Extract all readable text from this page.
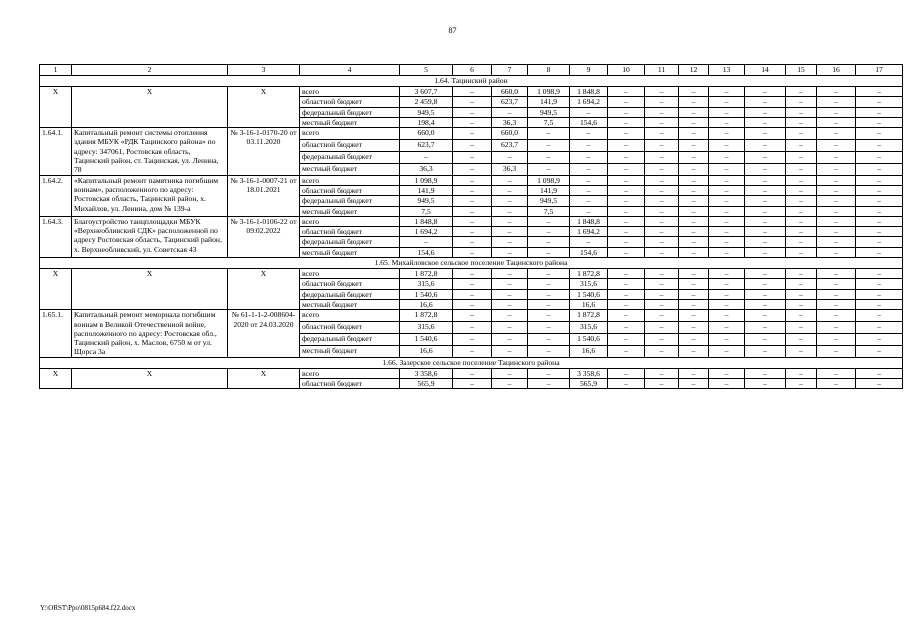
87
1	2	3	4	5	6	7	8	9	10	11	12	13	14	15	16	17
1.64. Тацинский район																
X	X	X	всего	3 607,7	–	660,0	1 098,9	1 848,8	–	–	–	–	–	–	–	–
			областной бюджет	2 459,8	–	623,7	141,9	1 694,2	–	–	–	–	–	–	–	–
			федеральный бюджет	949,5	–	–	949,5	–	–	–	–	–	–	–	–	–
			местный бюджет	198,4	–	36,3	7,5	154,6	–	–	–	–	–	–	–	–
1.64.1.	Капитальный ремонт системы отопления здания МБУК «РДК Тацинского района» по адресу: 347061, Ростовская область, Тацинский район, ст. Тацинская, ул. Ленина, 78	№ 3-16-1-0170-20 от 03.11.2020	всего	660,0	–	660,0	–	–	–	–	–	–	–	–	–	–
			областной бюджет	623,7	–	623,7	–	–	–	–	–	–	–	–	–	–
			федеральный бюджет	–	–	–	–	–	–	–	–	–	–	–	–	–
			местный бюджет	36,3	–	36,3	–	–	–	–	–	–	–	–	–	–
1.64.2.	«Капитальный ремонт памятника погибшим воинам», расположенного по адресу: Ростовская область, Тацинский район, х. Михайлов, ул. Ленина, дом № 139-а	№ 3-16-1-0007-21 от 18.01.2021	всего	1 098,9	–	–	1 098,9	–	–	–	–	–	–	–	–	–
			областной бюджет	141,9	–	–	141,9	–	–	–	–	–	–	–	–	–
			федеральный бюджет	949,5	–	–	949,5	–	–	–	–	–	–	–	–	–
			местный бюджет	7,5	–	–	7,5	–	–	–	–	–	–	–	–	–
1.64.3.	Благоустройство танцплощадки МБУК «Верхнеобливский СДК» расположенной по адресу Ростовская область, Тацинский район, х. Верхнеобливский, ул. Советская 43	№ 3-16-1-0106-22 от 09.02.2022	всего	1 848,8	–	–	–	1 848,8	–	–	–	–	–	–	–	–
			областной бюджет	1 694,2	–	–	–	1 694,2	–	–	–	–	–	–	–	–
			федеральный бюджет	–	–	–	–	–	–	–	–	–	–	–	–	–
			местный бюджет	154,6	–	–	–	154,6	–	–	–	–	–	–	–	–
1.65. Михайловское сельское поселение Тацинского района																
X	X	X	всего	1 872,8	–	–	–	1 872,8	–	–	–	–	–	–	–	–
			областной бюджет	315,6	–	–	–	315,6	–	–	–	–	–	–	–	–
			федеральный бюджет	1 540,6	–	–	–	1 540,6	–	–	–	–	–	–	–	–
			местный бюджет	16,6	–	–	–	16,6	–	–	–	–	–	–	–	–
1.65.1.	Капитальный ремонт мемориала погибшим воинам в Великой Отечественной войне, расположенного по адресу: Ростовская обл., Тацинский район, х. Маслов, 6750 м от ул. Щорса 3а	№ 61-1-1-2-008604-2020 от 24.03.2020	всего	1 872,8	–	–	–	1 872,8	–	–	–	–	–	–	–	–
			областной бюджет	315,6	–	–	–	315,6	–	–	–	–	–	–	–	–
			федеральный бюджет	1 540,6	–	–	–	1 540,6	–	–	–	–	–	–	–	–
			местный бюджет	16,6	–	–	–	16,6	–	–	–	–	–	–	–	–
1.66. Зазерское сельское поселение Тацинского района																
X	X	X	всего	3 358,6	–	–	–	3 358,6	–	–	–	–	–	–	–	–
			областной бюджет	565,9	–	–	–	565,9	–	–	–	–	–	–	–	–
Y:\ORST\Ppo\0815p684.f22.docx
